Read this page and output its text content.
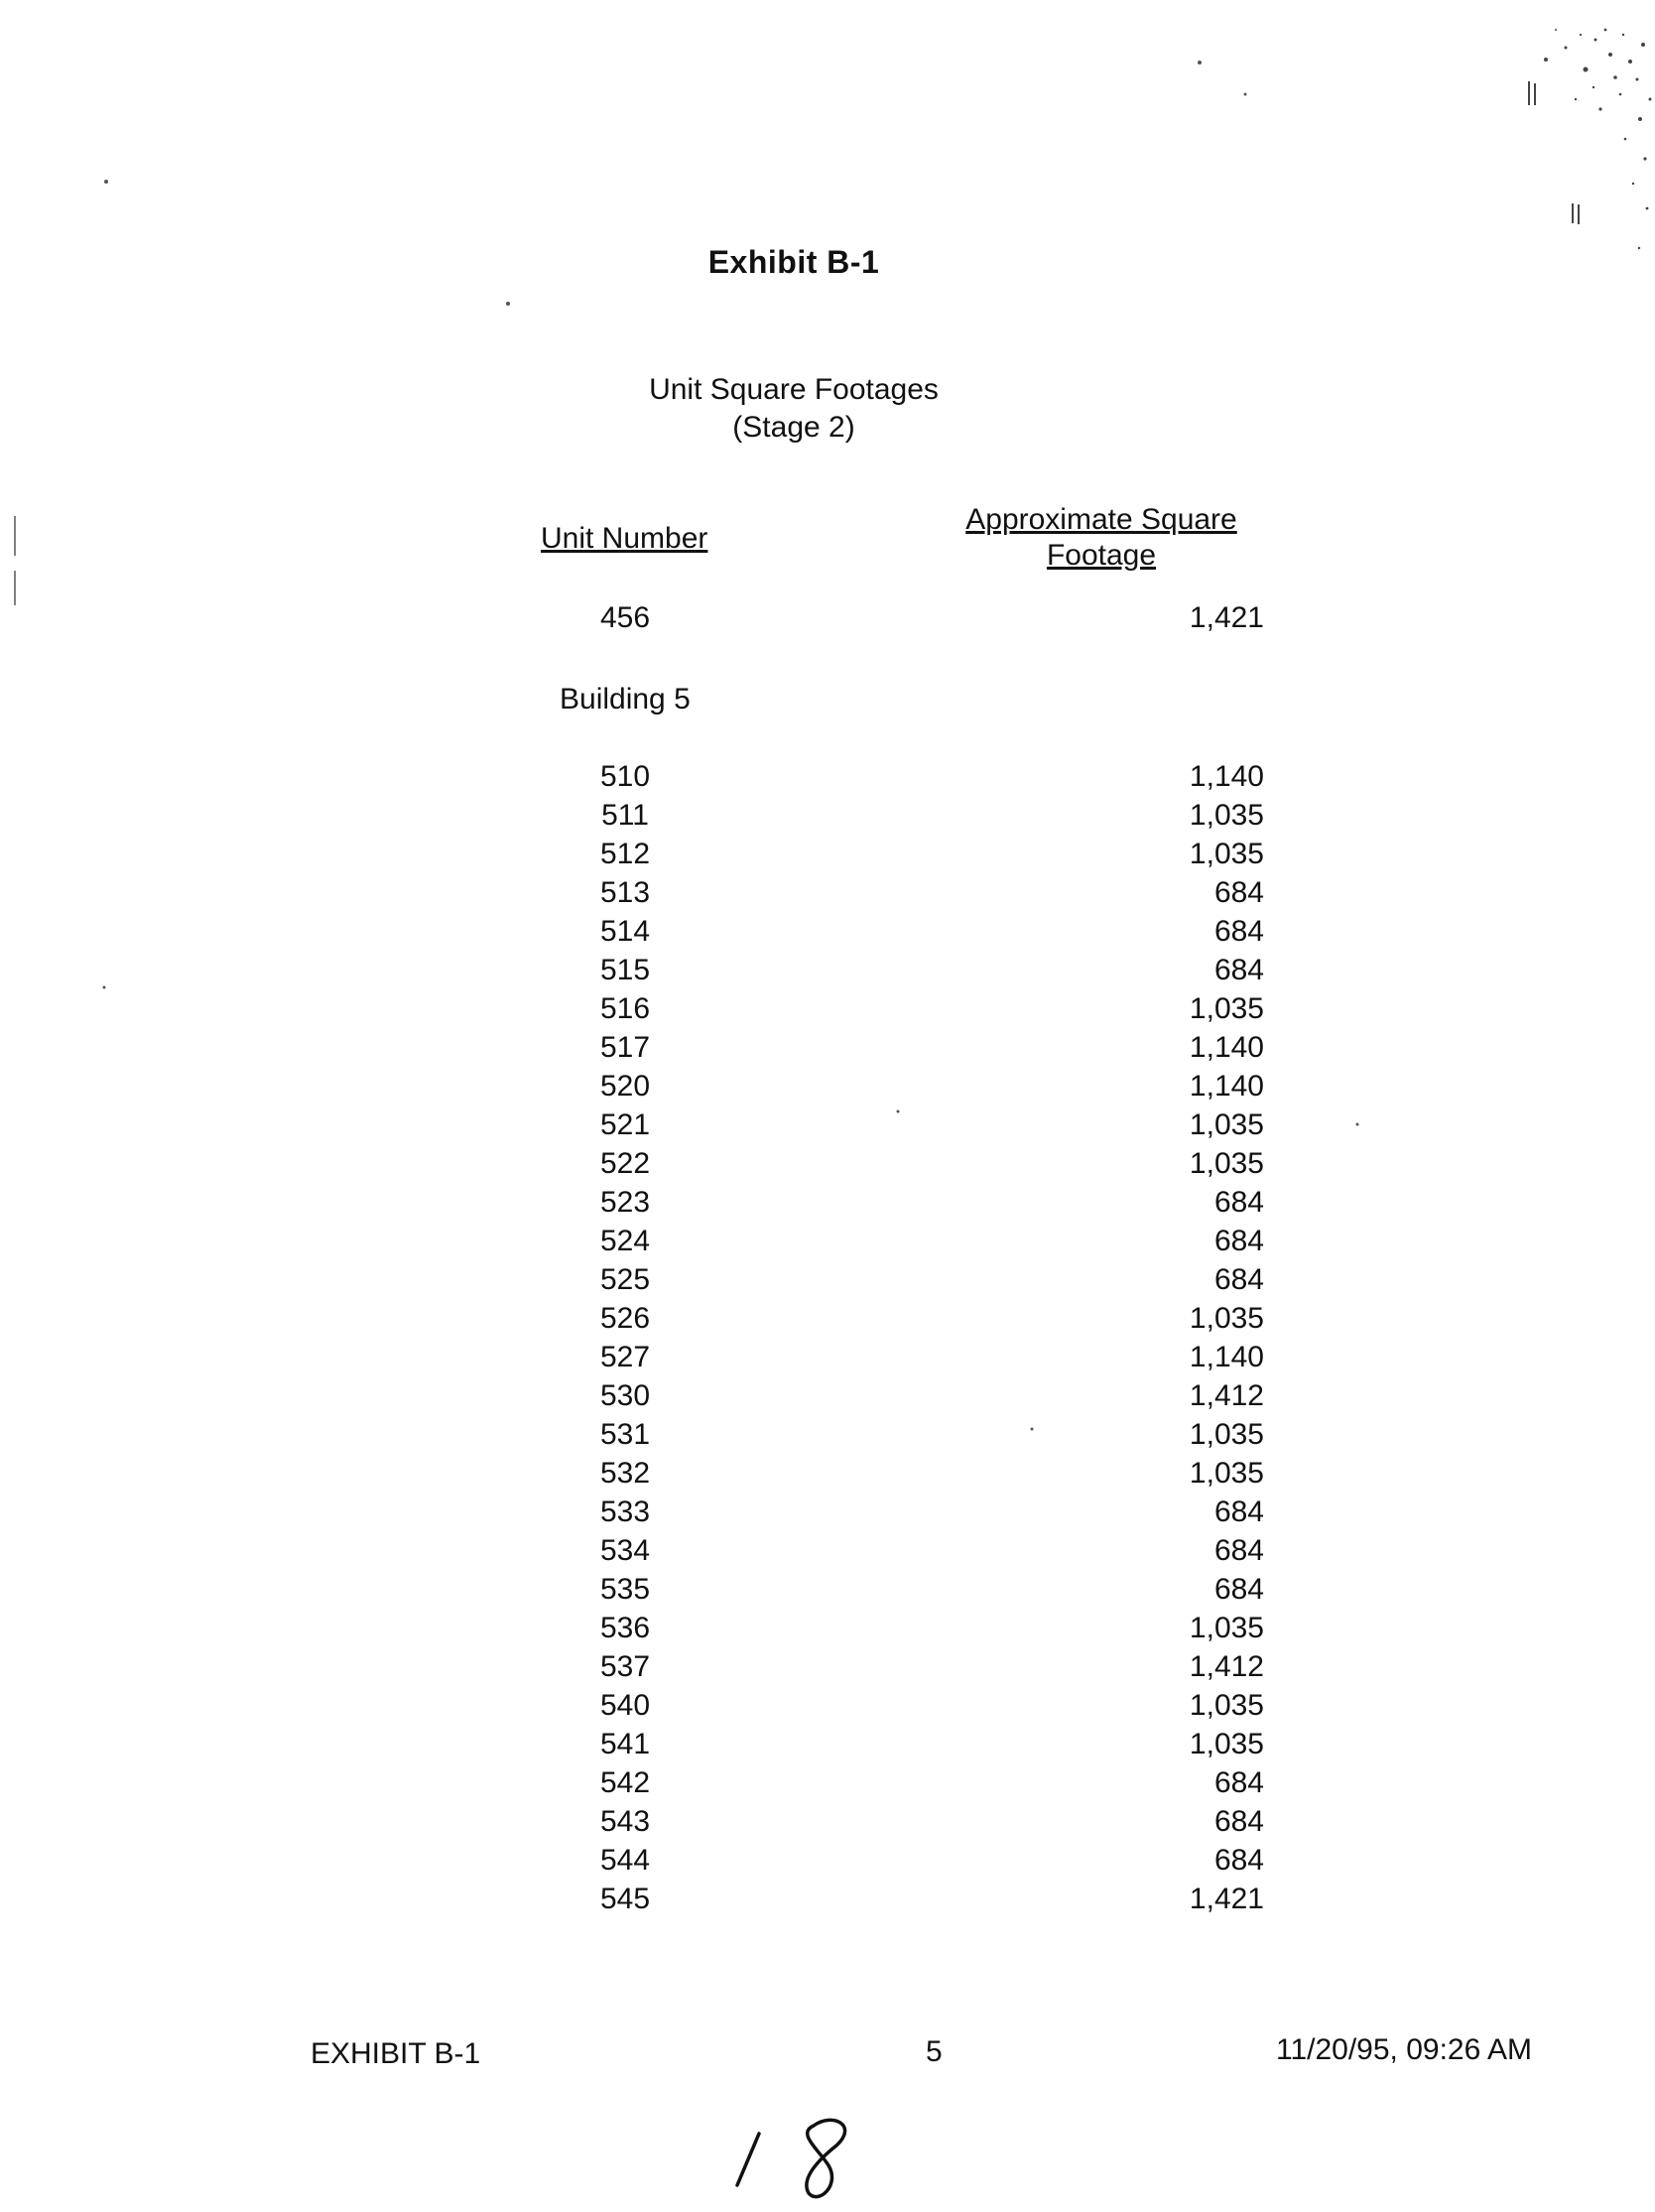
Exhibit B-1
Unit Square Footages
(Stage 2)
Unit Number
Approximate Square
Footage
456	1,421
Building 5
510	1,140
511	1,035
512	1,035
513	684
514	684
515	684
516	1,035
517	1,140
520	1,140
521	1,035
522	1,035
523	684
524	684
525	684
526	1,035
527	1,140
530	1,412
531	1,035
532	1,035
533	684
534	684
535	684
536	1,035
537	1,412
540	1,035
541	1,035
542	684
543	684
544	684
545	1,421
EXHIBIT B-1	5	11/20/95, 09:26 AM
